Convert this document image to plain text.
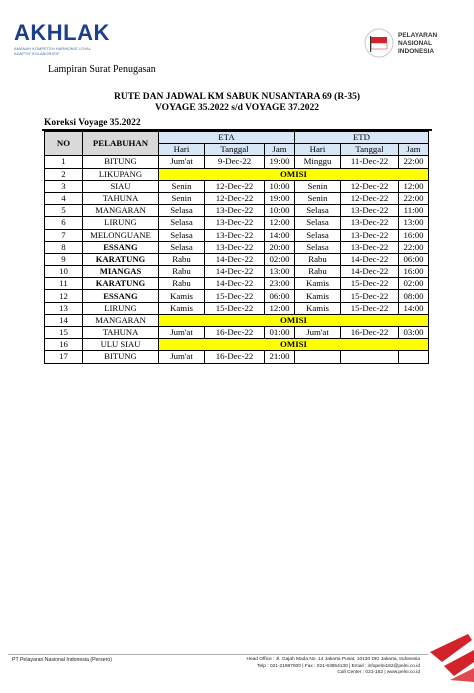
AKHLAK
AMANAH KOMPETEN HARMONIS LOYAL ADAPTIF KOLABORATIF
PELAYARAN
NASIONAL
INDONESIA
Lampiran Surat Penugasan
RUTE DAN JADWAL KM SABUK NUSANTARA 69 (R-35)
VOYAGE 35.2022 s/d VOYAGE 37.2022
Koreksi Voyage 35.2022
NO	PELABUHAN	ETA			ETD		
		Hari	Tanggal	Jam	Hari	Tanggal	Jam
1	BITUNG	Jum'at	9-Dec-22	19:00	Minggu	11-Dec-22	22:00
2	LIKUPANG	OMISI					
3	SIAU	Senin	12-Dec-22	10:00	Senin	12-Dec-22	12:00
4	TAHUNA	Senin	12-Dec-22	19:00	Senin	12-Dec-22	22:00
5	MANGARAN	Selasa	13-Dec-22	10:00	Selasa	13-Dec-22	11:00
6	LIRUNG	Selasa	13-Dec-22	12:00	Selasa	13-Dec-22	13:00
7	MELONGUANE	Selasa	13-Dec-22	14:00	Selasa	13-Dec-22	16:00
8	ESSANG	Selasa	13-Dec-22	20:00	Selasa	13-Dec-22	22:00
9	KARATUNG	Rabu	14-Dec-22	02:00	Rabu	14-Dec-22	06:00
10	MIANGAS	Rabu	14-Dec-22	13:00	Rabu	14-Dec-22	16:00
11	KARATUNG	Rabu	14-Dec-22	23:00	Kamis	15-Dec-22	02:00
12	ESSANG	Kamis	15-Dec-22	06:00	Kamis	15-Dec-22	08:00
13	LIRUNG	Kamis	15-Dec-22	12:00	Kamis	15-Dec-22	14:00
14	MANGARAN	OMISI					
15	TAHUNA	Jum'at	16-Dec-22	01:00	Jum'at	16-Dec-22	03:00
16	ULU SIAU	OMISI					
17	BITUNG	Jum'at	16-Dec-22	21:00			
PT Pelayaran Nasional Indonesia (Persero)	Head Office : Jl. Gajah Mada No. 14 Jakarta Pusat, 10130 DKI Jakarta, Indonesia
Telp : 021-21887000 | Fax : 021-63854130 | Email : infopelni162@pelni.co.id
Call Center : 021-162 | www.pelni.co.id
